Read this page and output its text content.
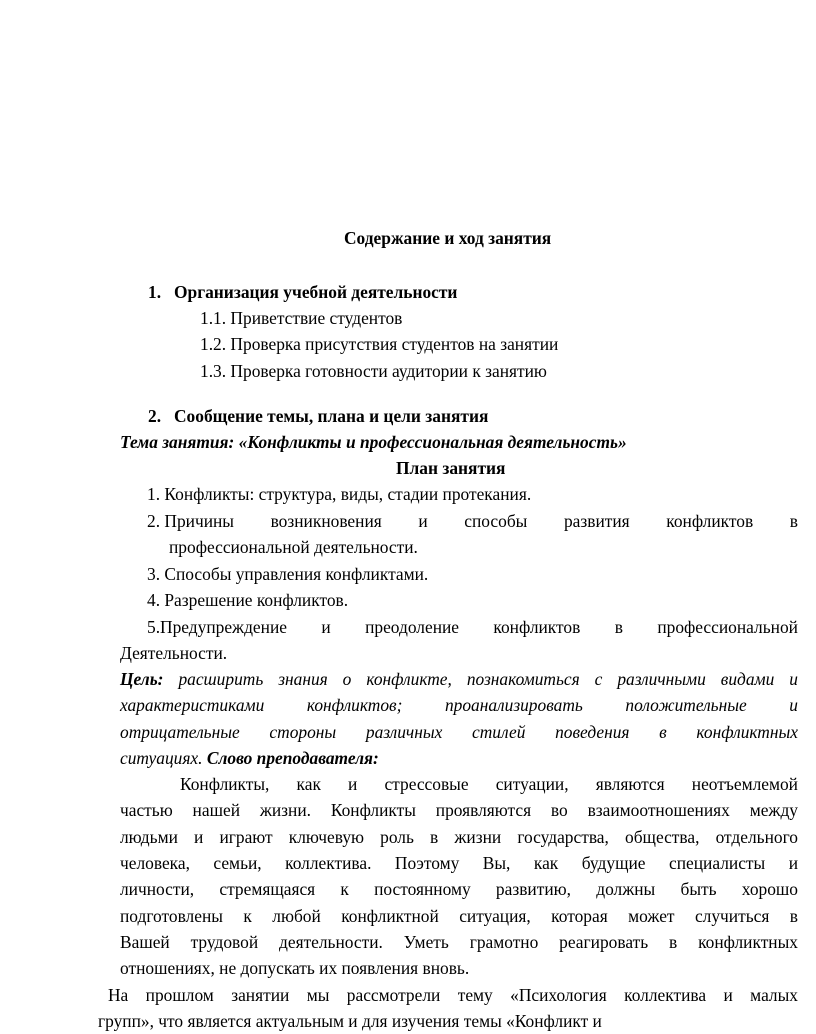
Содержание и ход занятия
1. Организация учебной деятельности
1.1. Приветствие студентов
1.2. Проверка присутствия студентов на занятии
1.3. Проверка готовности аудитории к занятию
2. Сообщение темы, плана и цели занятия
Тема занятия: «Конфликты и профессиональная деятельность»
План занятия
1. Конфликты: структура, виды, стадии протекания.
2. Причины возникновения и способы развития конфликтов в
профессиональной деятельности.
3. Способы управления конфликтами.
4. Разрешение конфликтов.
5.Предупреждение и преодоление конфликтов в профессиональной
Деятельности.
Цель: расширить знания о конфликте, познакомиться с различными видами и
характеристиками конфликтов; проанализировать положительные и
отрицательные стороны различных стилей поведения в конфликтных
ситуациях. Слово преподавателя:
Конфликты, как и стрессовые ситуации, являются неотъемлемой
частью нашей жизни. Конфликты проявляются во взаимоотношениях между
людьми и играют ключевую роль в жизни государства, общества, отдельного
человека, семьи, коллектива. Поэтому Вы, как будущие специалисты и
личности, стремящаяся к постоянному развитию, должны быть хорошо
подготовлены к любой конфликтной ситуация, которая может случиться в
Вашей трудовой деятельности. Уметь грамотно реагировать в конфликтных
отношениях, не допускать их появления вновь.
На прошлом занятии мы рассмотрели тему «Психология коллектива и малых
групп», что является актуальным и для изучения темы «Конфликт и
